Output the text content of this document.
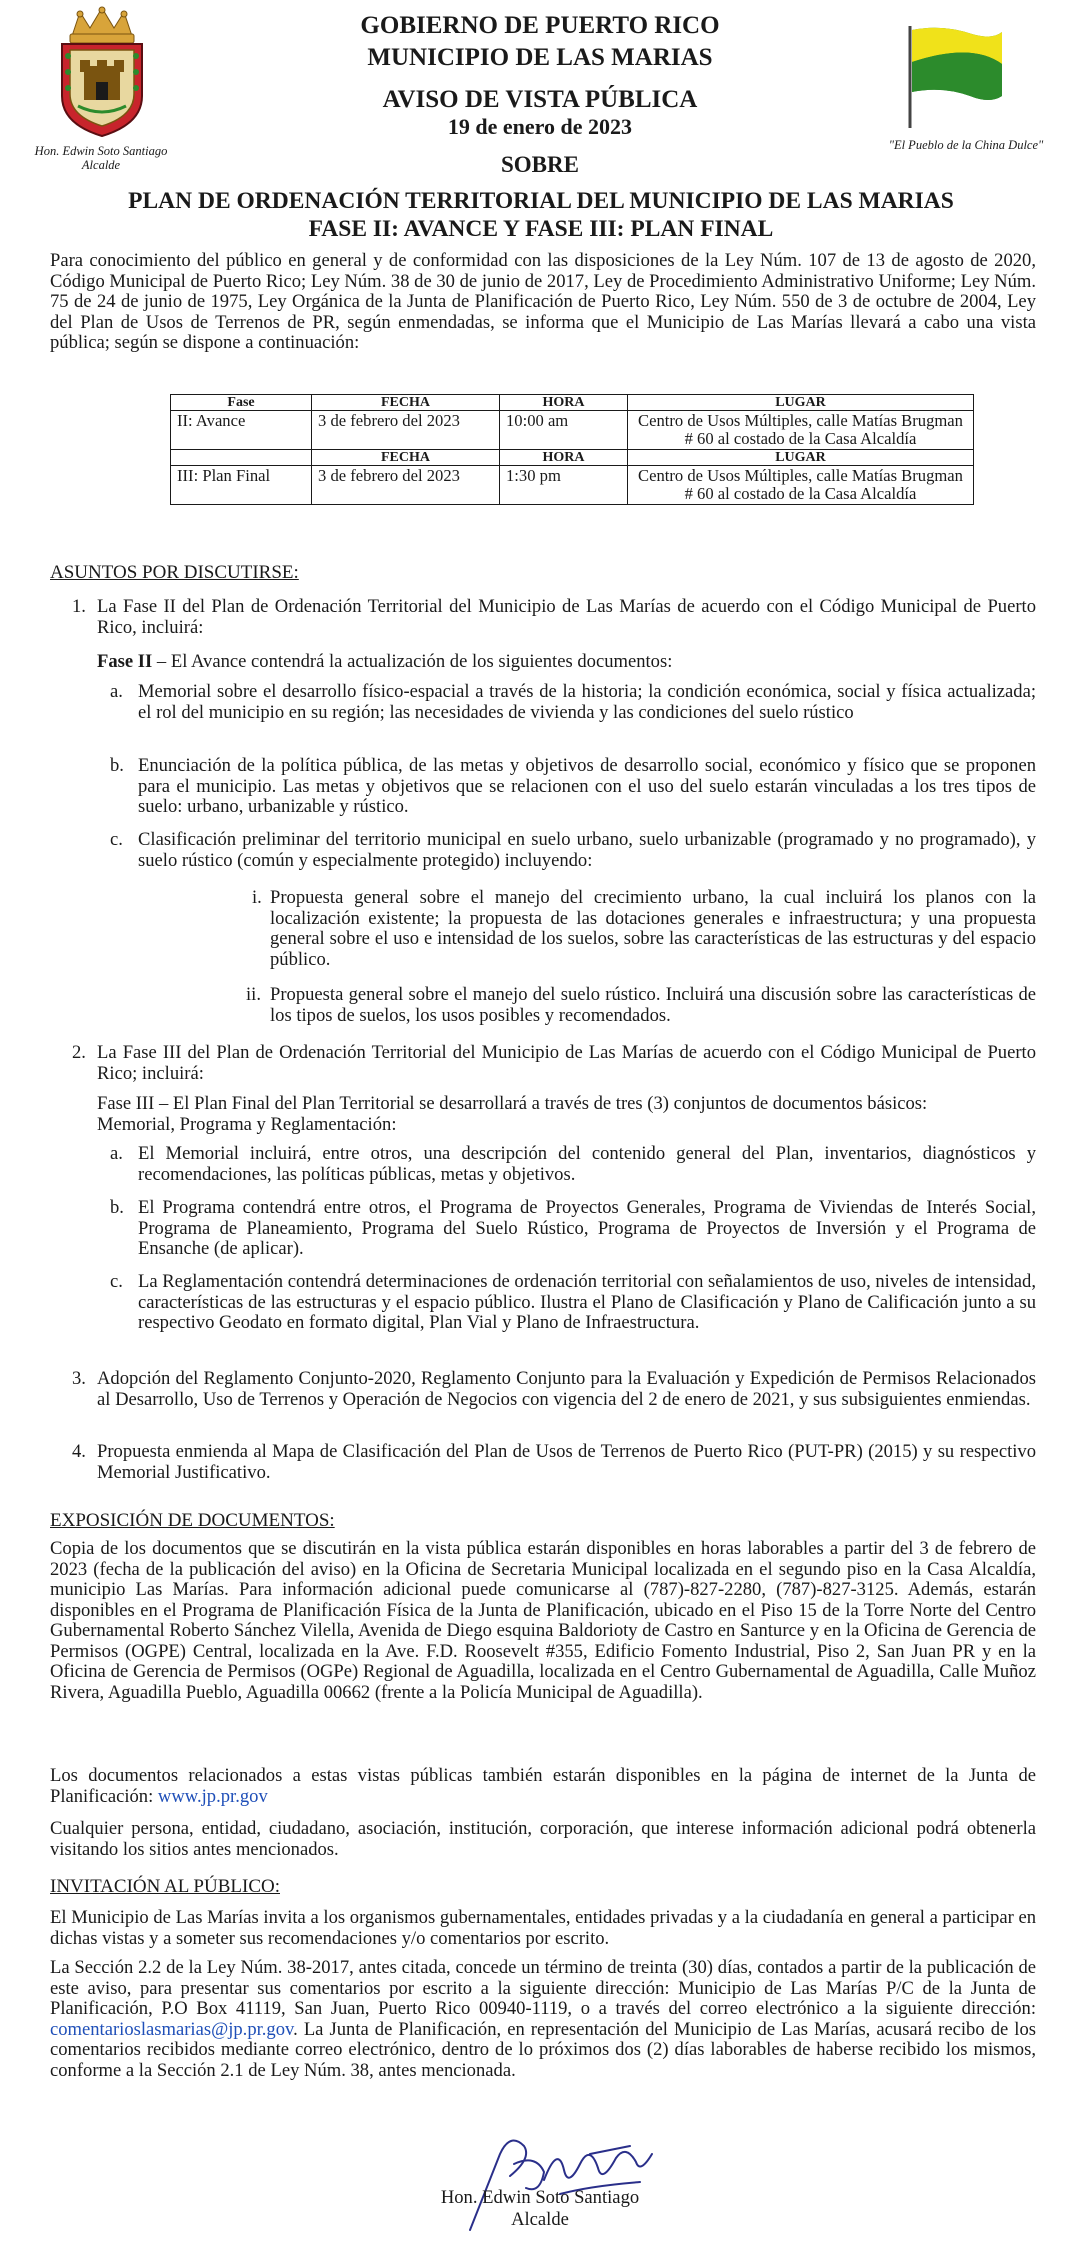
Hon. Edwin Soto Santiago
Alcalde
"El Pueblo de la China Dulce"
GOBIERNO DE PUERTO RICO
MUNICIPIO DE LAS MARIAS
AVISO DE VISTA PÚBLICA
19 de enero de 2023
SOBRE
PLAN DE ORDENACIÓN TERRITORIAL DEL MUNICIPIO DE LAS MARIAS
FASE II: AVANCE Y FASE III: PLAN FINAL

Para conocimiento del público en general y de conformidad con las disposiciones de la Ley Núm. 107 de 13 de agosto de 2020, Código Municipal de Puerto Rico; Ley Núm. 38 de 30 de junio de 2017, Ley de Procedimiento Administrativo Uniforme; Ley Núm. 75 de 24 de junio de 1975, Ley Orgánica de la Junta de Planificación de Puerto Rico, Ley Núm. 550 de 3 de octubre de 2004, Ley del Plan de Usos de Terrenos de PR, según enmendadas, se informa que el Municipio de Las Marías llevará a cabo una vista pública; según se dispone a continuación:

Fase	FECHA	HORA	LUGAR
II: Avance	3 de febrero del 2023	10:00 am	Centro de Usos Múltiples, calle Matías Brugman # 60 al costado de la Casa Alcaldía
	FECHA	HORA	LUGAR
III: Plan Final	3 de febrero del 2023	1:30 pm	Centro de Usos Múltiples, calle Matías Brugman # 60 al costado de la Casa Alcaldía
ASUNTOS POR DISCUTIRSE:
1. La Fase II del Plan de Ordenación Territorial del Municipio de Las Marías de acuerdo con el Código Municipal de Puerto Rico, incluirá:

Fase II – El Avance contendrá la actualización de los siguientes documentos:

a. Memorial sobre el desarrollo físico-espacial a través de la historia; la condición económica, social y física actualizada; el rol del municipio en su región; las necesidades de vivienda y las condiciones del suelo rústico

b. Enunciación de la política pública, de las metas y objetivos de desarrollo social, económico y físico que se proponen para el municipio. Las metas y objetivos que se relacionen con el uso del suelo estarán vinculadas a los tres tipos de suelo: urbano, urbanizable y rústico.

c. Clasificación preliminar del territorio municipal en suelo urbano, suelo urbanizable (programado y no programado), y suelo rústico (común y especialmente protegido) incluyendo:

i. Propuesta general sobre el manejo del crecimiento urbano, la cual incluirá los planos con la localización existente; la propuesta de las dotaciones generales e infraestructura; y una propuesta general sobre el uso e intensidad de los suelos, sobre las características de las estructuras y del espacio público.

ii. Propuesta general sobre el manejo del suelo rústico. Incluirá una discusión sobre las características de los tipos de suelos, los usos posibles y recomendados.

2. La Fase III del Plan de Ordenación Territorial del Municipio de Las Marías de acuerdo con el Código Municipal de Puerto Rico; incluirá:

Fase III – El Plan Final del Plan Territorial se desarrollará a través de tres (3) conjuntos de documentos básicos: Memorial, Programa y Reglamentación:

a. El Memorial incluirá, entre otros, una descripción del contenido general del Plan, inventarios, diagnósticos y recomendaciones, las políticas públicas, metas y objetivos.

b. El Programa contendrá entre otros, el Programa de Proyectos Generales, Programa de Viviendas de Interés Social, Programa de Planeamiento, Programa del Suelo Rústico, Programa de Proyectos de Inversión y el Programa de Ensanche (de aplicar).

c. La Reglamentación contendrá determinaciones de ordenación territorial con señalamientos de uso, niveles de intensidad, características de las estructuras y el espacio público. Ilustra el Plano de Clasificación y Plano de Calificación junto a su respectivo Geodato en formato digital, Plan Vial y Plano de Infraestructura.

3. Adopción del Reglamento Conjunto-2020, Reglamento Conjunto para la Evaluación y Expedición de Permisos Relacionados al Desarrollo, Uso de Terrenos y Operación de Negocios con vigencia del 2 de enero de 2021, y sus subsiguientes enmiendas.

4. Propuesta enmienda al Mapa de Clasificación del Plan de Usos de Terrenos de Puerto Rico (PUT-PR) (2015) y su respectivo Memorial Justificativo.

EXPOSICIÓN DE DOCUMENTOS:

Copia de los documentos que se discutirán en la vista pública estarán disponibles en horas laborables a partir del 3 de febrero de 2023 (fecha de la publicación del aviso) en la Oficina de Secretaria Municipal localizada en el segundo piso en la Casa Alcaldía, municipio Las Marías. Para información adicional puede comunicarse al (787)-827-2280, (787)-827-3125. Además, estarán disponibles en el Programa de Planificación Física de la Junta de Planificación, ubicado en el Piso 15 de la Torre Norte del Centro Gubernamental Roberto Sánchez Vilella, Avenida de Diego esquina Baldorioty de Castro en Santurce y en la Oficina de Gerencia de Permisos (OGPE) Central, localizada en la Ave. F.D. Roosevelt #355, Edificio Fomento Industrial, Piso 2, San Juan PR y en la Oficina de Gerencia de Permisos (OGPe) Regional de Aguadilla, localizada en el Centro Gubernamental de Aguadilla, Calle Muñoz Rivera, Aguadilla Pueblo, Aguadilla 00662 (frente a la Policía Municipal de Aguadilla).

Los documentos relacionados a estas vistas públicas también estarán disponibles en la página de internet de la Junta de Planificación: www.jp.pr.gov

Cualquier persona, entidad, ciudadano, asociación, institución, corporación, que interese información adicional podrá obtenerla visitando los sitios antes mencionados.

INVITACIÓN AL PÚBLICO:

El Municipio de Las Marías invita a los organismos gubernamentales, entidades privadas y a la ciudadanía en general a participar en dichas vistas y a someter sus recomendaciones y/o comentarios por escrito.

La Sección 2.2 de la Ley Núm. 38-2017, antes citada, concede un término de treinta (30) días, contados a partir de la publicación de este aviso, para presentar sus comentarios por escrito a la siguiente dirección: Municipio de Las Marías P/C de la Junta de Planificación, P.O Box 41119, San Juan, Puerto Rico 00940-1119, o a través del correo electrónico a la siguiente dirección: comentarioslasmarias@jp.pr.gov. La Junta de Planificación, en representación del Municipio de Las Marías, acusará recibo de los comentarios recibidos mediante correo electrónico, dentro de lo próximos dos (2) días laborables de haberse recibido los mismos, conforme a la Sección 2.1 de Ley Núm. 38, antes mencionada.

Hon. Edwin Soto Santiago

Alcalde
